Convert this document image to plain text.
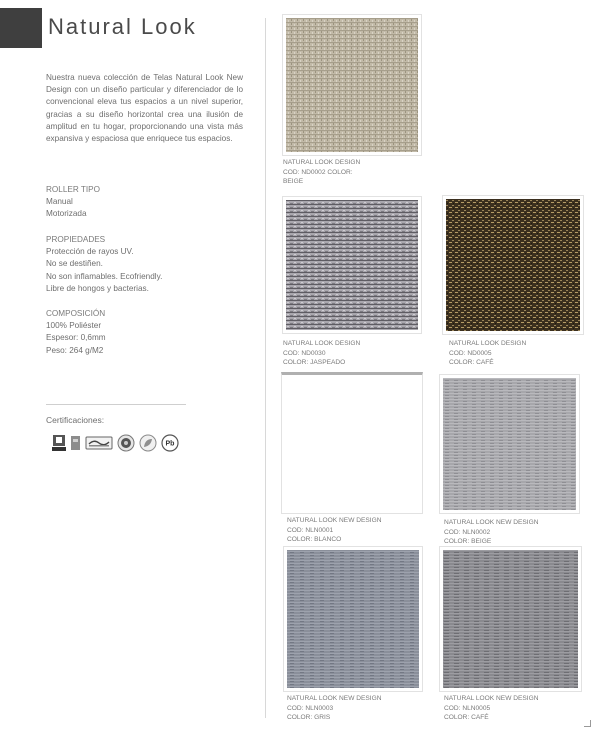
Natural Look
Nuestra nueva colección de Telas Natural Look New Design con un diseño particular y diferenciador de lo convencional eleva tus espacios a un nivel superior, gracias a su diseño horizontal crea una ilusión de amplitud en tu hogar, proporcionando una vista más expansiva y espaciosa que enriquece tus espacios.
ROLLER TIPO
Manual
Motorizada
PROPIEDADES
Protección de rayos UV.
No se destiñen.
No son inflamables. Ecofriendly.
Libre de hongos y bacterias.
COMPOSICIÓN
100% Poliéster
Espesor: 0,6mm
Peso: 264 g/M2
Certificaciones:
Pb
NATURAL LOOK DESIGN
COD: ND0002 COLOR:
BEIGE
NATURAL LOOK DESIGN
COD: ND0030
COLOR: JASPEADO
NATURAL LOOK DESIGN
COD: ND0005
COLOR: CAFÉ
NATURAL LOOK NEW DESIGN
COD: NLN0001
COLOR: BLANCO
NATURAL LOOK NEW DESIGN
COD: NLN0002
COLOR: BEIGE
NATURAL LOOK NEW DESIGN
COD: NLN0003
COLOR: GRIS
NATURAL LOOK NEW DESIGN
COD: NLN0005
COLOR: CAFÉ
